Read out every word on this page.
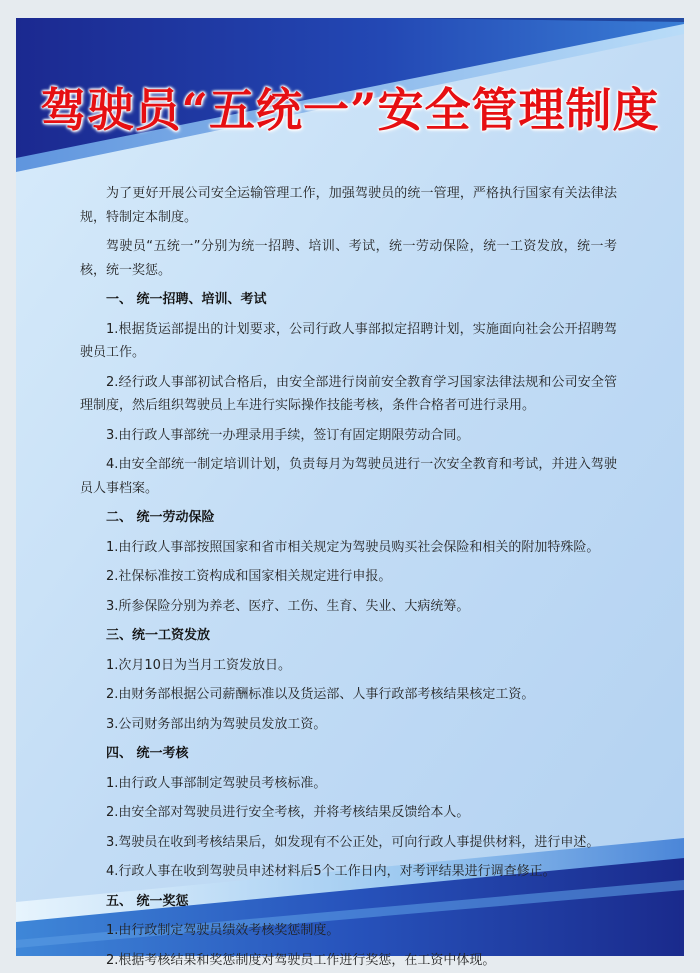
驾驶员“五统一”安全管理制度

为了更好开展公司安全运输管理工作，加强驾驶员的统一管理，严格执行国家有关法律法规，特制定本制度。

驾驶员“五统一”分别为统一招聘、培训、考试，统一劳动保险，统一工资发放，统一考核，统一奖惩。

一、 统一招聘、培训、考试

1.根据货运部提出的计划要求，公司行政人事部拟定招聘计划，实施面向社会公开招聘驾驶员工作。

2.经行政人事部初试合格后，由安全部进行岗前安全教育学习国家法律法规和公司安全管理制度，然后组织驾驶员上车进行实际操作技能考核，条件合格者可进行录用。

3.由行政人事部统一办理录用手续，签订有固定期限劳动合同。

4.由安全部统一制定培训计划，负责每月为驾驶员进行一次安全教育和考试，并进入驾驶员人事档案。

二、 统一劳动保险

1.由行政人事部按照国家和省市相关规定为驾驶员购买社会保险和相关的附加特殊险。

2.社保标准按工资构成和国家相关规定进行申报。

3.所参保险分别为养老、医疗、工伤、生育、失业、大病统筹。

三、统一工资发放

1.次月10日为当月工资发放日。

2.由财务部根据公司薪酬标准以及货运部、人事行政部考核结果核定工资。

3.公司财务部出纳为驾驶员发放工资。

四、 统一考核

1.由行政人事部制定驾驶员考核标准。

2.由安全部对驾驶员进行安全考核，并将考核结果反馈给本人。

3.驾驶员在收到考核结果后，如发现有不公正处，可向行政人事提供材料，进行申述。

4.行政人事在收到驾驶员申述材料后5个工作日内，对考评结果进行调查修正。

五、 统一奖惩

1.由行政制定驾驶员绩效考核奖惩制度。

2.根据考核结果和奖惩制度对驾驶员工作进行奖惩，在工资中体现。
